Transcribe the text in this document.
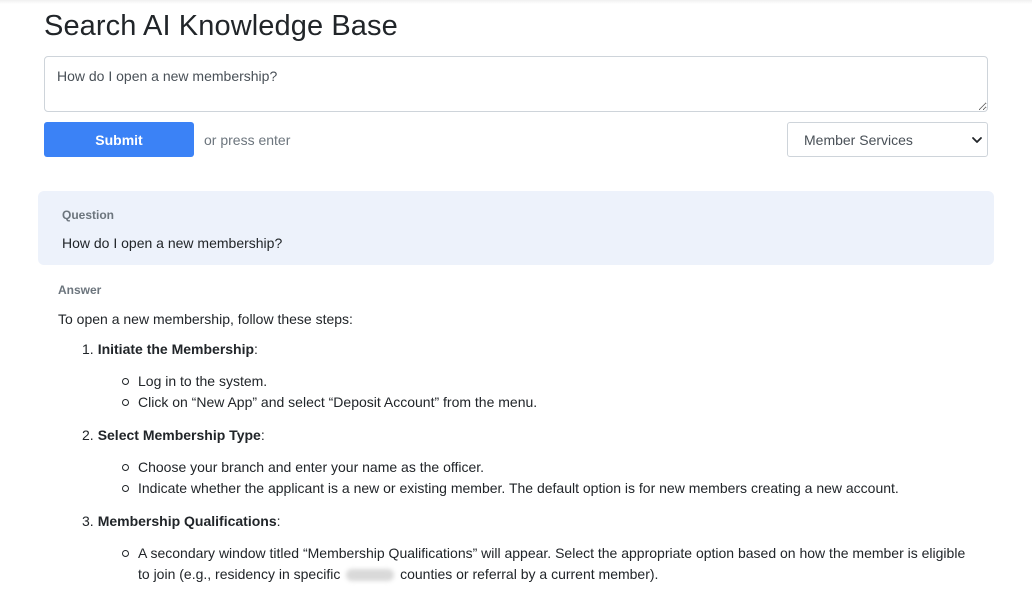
Search AI Knowledge Base
How do I open a new membership?
Submit	or press enter	Member Services
Question
How do I open a new membership?
Answer
To open a new membership, follow these steps:
1. Initiate the Membership:
Log in to the system.
Click on “New App” and select “Deposit Account” from the menu.
2. Select Membership Type:
Choose your branch and enter your name as the officer.
Indicate whether the applicant is a new or existing member. The default option is for new members creating a new account.
3. Membership Qualifications:
A secondary window titled “Membership Qualifications” will appear. Select the appropriate option based on how the member is eligible to join (e.g., residency in specific	counties or referral by a current member).
